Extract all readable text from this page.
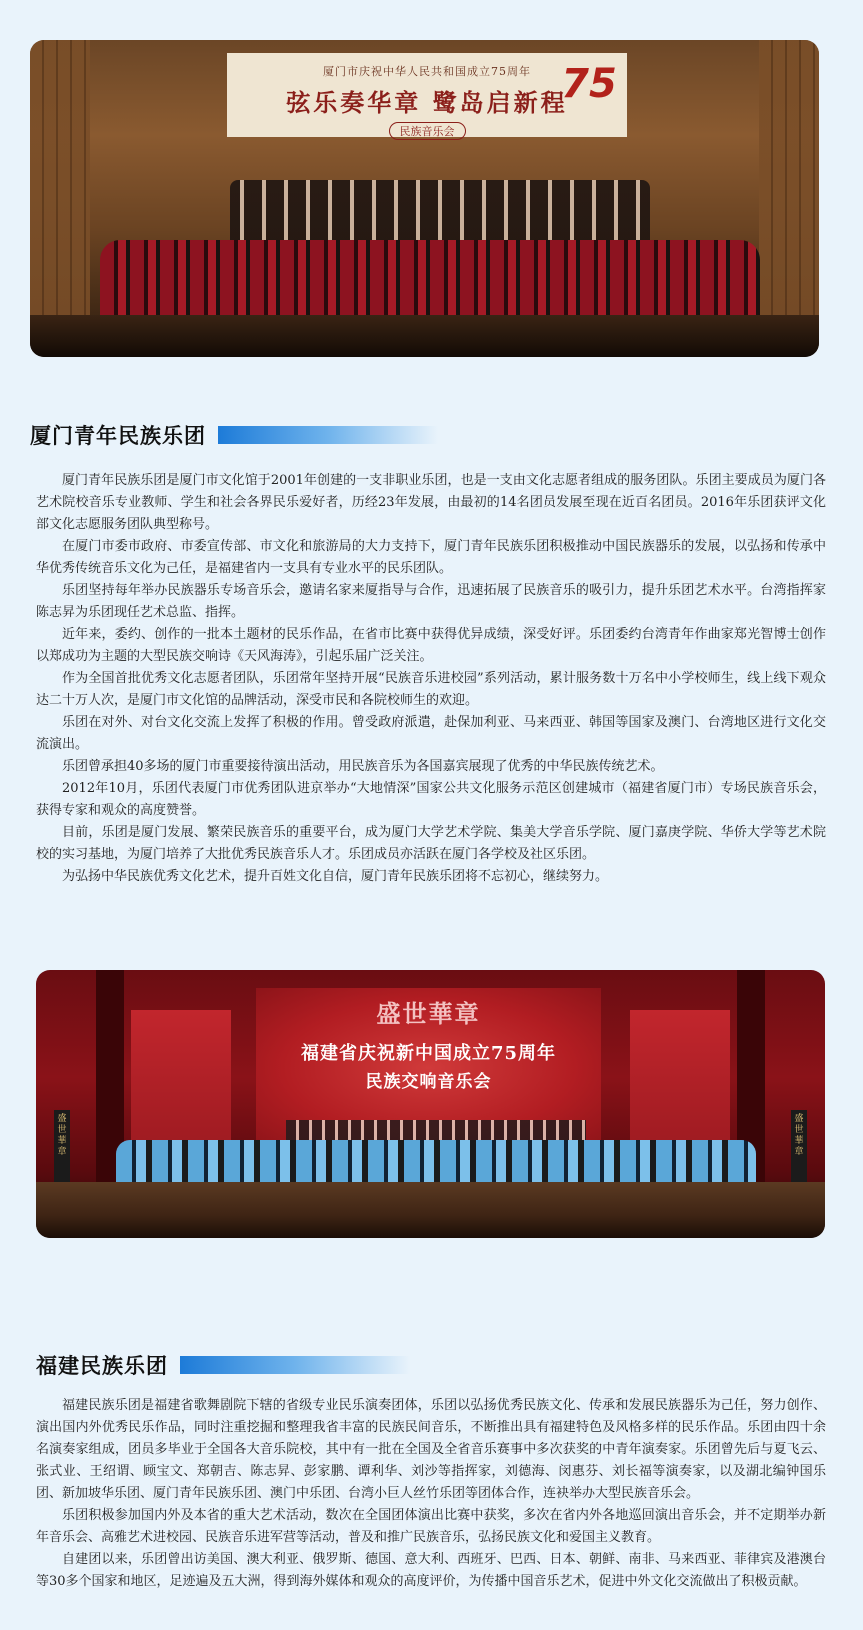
厦门市庆祝中华人民共和国成立75周年
弦乐奏华章 鹭岛启新程
民族音乐会
75
厦门青年民族乐团

厦门青年民族乐团是厦门市文化馆于2001年创建的一支非职业乐团，也是一支由文化志愿者组成的服务团队。乐团主要成员为厦门各艺术院校音乐专业教师、学生和社会各界民乐爱好者，历经23年发展，由最初的14名团员发展至现在近百名团员。2016年乐团获评文化部文化志愿服务团队典型称号。

在厦门市委市政府、市委宣传部、市文化和旅游局的大力支持下，厦门青年民族乐团积极推动中国民族器乐的发展，以弘扬和传承中华优秀传统音乐文化为己任，是福建省内一支具有专业水平的民乐团队。

乐团坚持每年举办民族器乐专场音乐会，邀请名家来厦指导与合作，迅速拓展了民族音乐的吸引力，提升乐团艺术水平。台湾指挥家陈志昇为乐团现任艺术总监、指挥。

近年来，委约、创作的一批本土题材的民乐作品，在省市比赛中获得优异成绩，深受好评。乐团委约台湾青年作曲家郑光智博士创作以郑成功为主题的大型民族交响诗《天风海涛》，引起乐届广泛关注。

作为全国首批优秀文化志愿者团队，乐团常年坚持开展“民族音乐进校园”系列活动，累计服务数十万名中小学校师生，线上线下观众达二十万人次，是厦门市文化馆的品牌活动，深受市民和各院校师生的欢迎。

乐团在对外、对台文化交流上发挥了积极的作用。曾受政府派遣，赴保加利亚、马来西亚、韩国等国家及澳门、台湾地区进行文化交流演出。

乐团曾承担40多场的厦门市重要接待演出活动，用民族音乐为各国嘉宾展现了优秀的中华民族传统艺术。

2012年10月，乐团代表厦门市优秀团队进京举办“大地情深”国家公共文化服务示范区创建城市（福建省厦门市）专场民族音乐会，获得专家和观众的高度赞誉。

目前，乐团是厦门发展、繁荣民族音乐的重要平台，成为厦门大学艺术学院、集美大学音乐学院、厦门嘉庚学院、华侨大学等艺术院校的实习基地，为厦门培养了大批优秀民族音乐人才。乐团成员亦活跃在厦门各学校及社区乐团。

为弘扬中华民族优秀文化艺术，提升百姓文化自信，厦门青年民族乐团将不忘初心，继续努力。

盛世華章
盛世華章
盛世華章
福建省庆祝新中国成立75周年
民族交响音乐会
福建民族乐团

福建民族乐团是福建省歌舞剧院下辖的省级专业民乐演奏团体，乐团以弘扬优秀民族文化、传承和发展民族器乐为己任，努力创作、演出国内外优秀民乐作品，同时注重挖掘和整理我省丰富的民族民间音乐，不断推出具有福建特色及风格多样的民乐作品。乐团由四十余名演奏家组成，团员多毕业于全国各大音乐院校，其中有一批在全国及全省音乐赛事中多次获奖的中青年演奏家。乐团曾先后与夏飞云、张式业、王绍谓、顾宝文、郑朝吉、陈志昇、彭家鹏、谭利华、刘沙等指挥家，刘德海、闵惠芬、刘长福等演奏家，以及湖北编钟国乐团、新加坡华乐团、厦门青年民族乐团、澳门中乐团、台湾小巨人丝竹乐团等团体合作，连袂举办大型民族音乐会。

乐团积极参加国内外及本省的重大艺术活动，数次在全国团体演出比赛中获奖，多次在省内外各地巡回演出音乐会，并不定期举办新年音乐会、高雅艺术进校园、民族音乐进军营等活动，普及和推广民族音乐，弘扬民族文化和爱国主义教育。

自建团以来，乐团曾出访美国、澳大利亚、俄罗斯、德国、意大利、西班牙、巴西、日本、朝鲜、南非、马来西亚、菲律宾及港澳台等30多个国家和地区，足迹遍及五大洲，得到海外媒体和观众的高度评价，为传播中国音乐艺术，促进中外文化交流做出了积极贡献。
